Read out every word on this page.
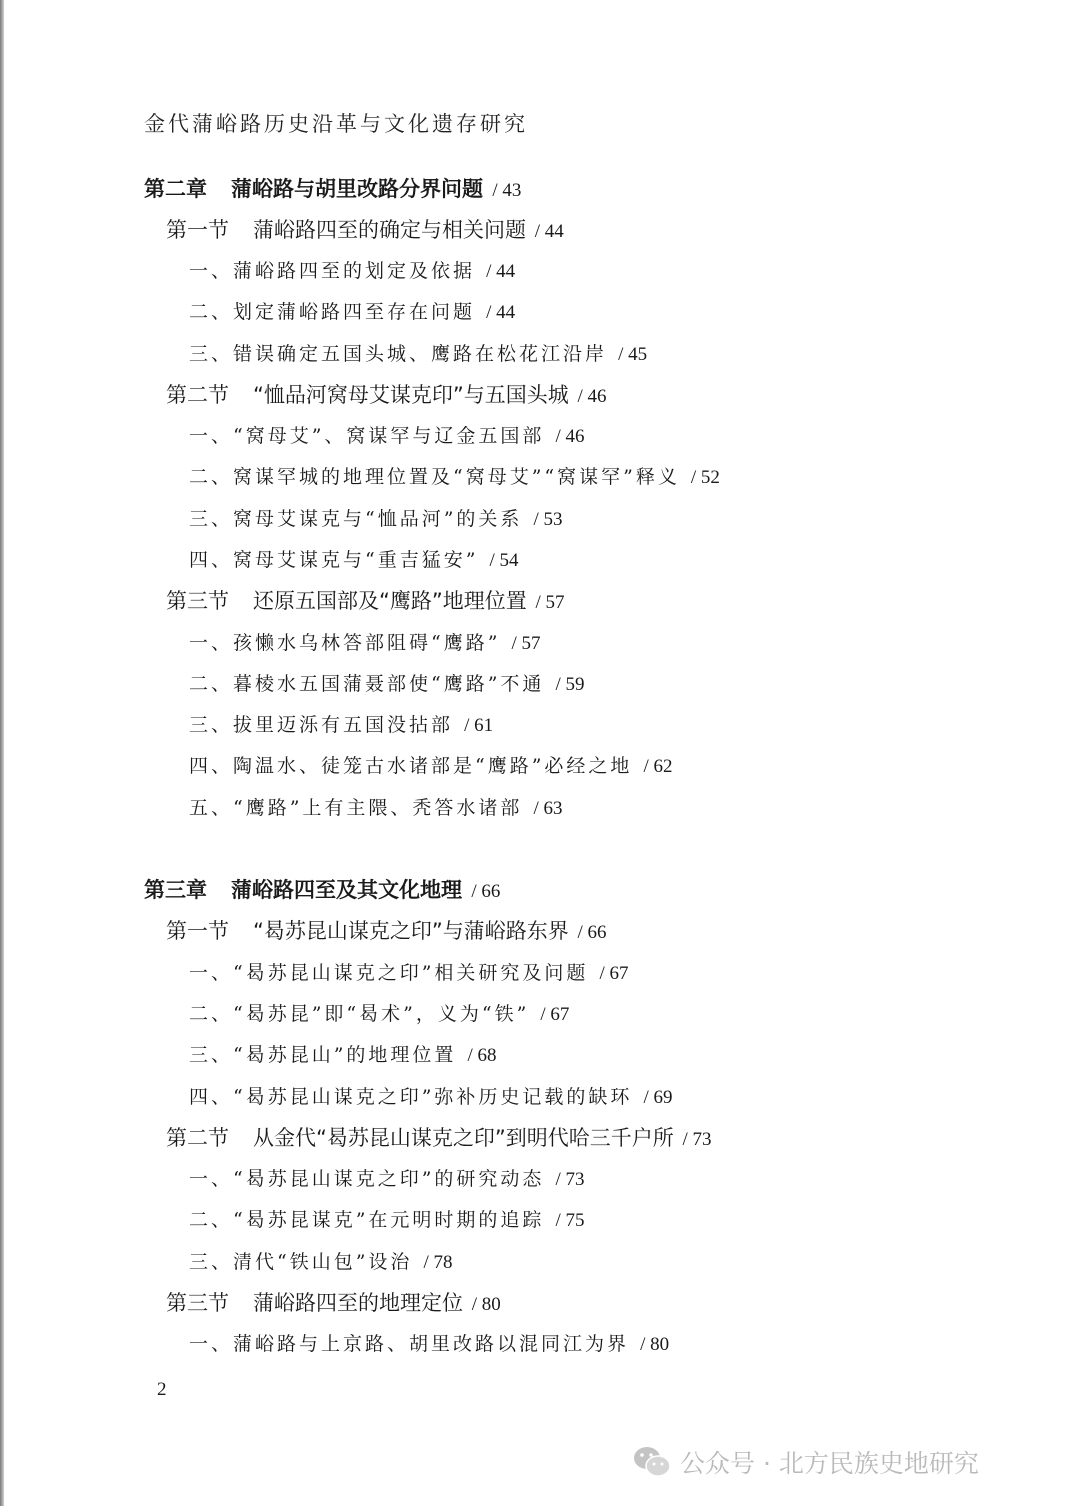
金代蒲峪路历史沿革与文化遗存研究
第二章 蒲峪路与胡里改路分界问题 / 43
第一节 蒲峪路四至的确定与相关问题 / 44
一、蒲峪路四至的划定及依据 / 44
二、划定蒲峪路四至存在问题 / 44
三、错误确定五国头城、鹰路在松花江沿岸 / 45
第二节 “恤品河窝母艾谋克印”与五国头城 / 46
一、“窝母艾”、窝谋罕与辽金五国部 / 46
二、窝谋罕城的地理位置及“窝母艾”“窝谋罕”释义 / 52
三、窝母艾谋克与“恤品河”的关系 / 53
四、窝母艾谋克与“重吉猛安” / 54
第三节 还原五国部及“鹰路”地理位置 / 57
一、孩懒水乌林答部阻碍“鹰路” / 57
二、暮棱水五国蒲聂部使“鹰路”不通 / 59
三、拔里迈泺有五国没拈部 / 61
四、陶温水、徒笼古水诸部是“鹰路”必经之地 / 62
五、“鹰路”上有主隈、秃答水诸部 / 63
第三章 蒲峪路四至及其文化地理 / 66
第一节 “曷苏昆山谋克之印”与蒲峪路东界 / 66
一、“曷苏昆山谋克之印”相关研究及问题 / 67
二、“曷苏昆”即“曷术”，义为“铁” / 67
三、“曷苏昆山”的地理位置 / 68
四、“曷苏昆山谋克之印”弥补历史记载的缺环 / 69
第二节 从金代“曷苏昆山谋克之印”到明代哈三千户所 / 73
一、“曷苏昆山谋克之印”的研究动态 / 73
二、“曷苏昆谋克”在元明时期的追踪 / 75
三、清代“铁山包”设治 / 78
第三节 蒲峪路四至的地理定位 / 80
一、蒲峪路与上京路、胡里改路以混同江为界 / 80
2
公众号 · 北方民族史地研究
